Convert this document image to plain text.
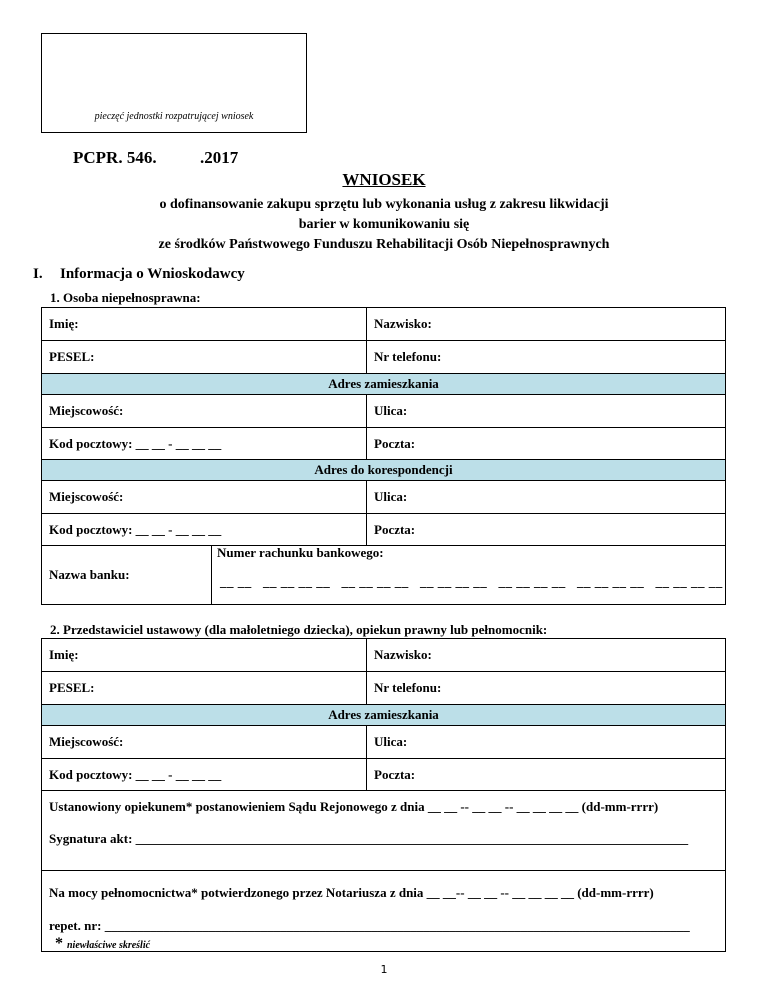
pieczęć jednostki rozpatrującej wniosek
PCPR. 546.	.2017
WNIOSEK
o dofinansowanie zakupu sprzętu lub wykonania usług z zakresu likwidacji
barier w komunikowaniu się
ze środków Państwowego Funduszu Rehabilitacji Osób Niepełnosprawnych
I. Informacja o Wnioskodawcy
1. Osoba niepełnosprawna:
Imię:	Nazwisko:
PESEL:	Nr telefonu:
Adres zamieszkania
Miejscowość:	Ulica:
Kod pocztowy: __ __ - __ __ __	Poczta:
Adres do korespondencji
Miejscowość:	Ulica:
Kod pocztowy: __ __ - __ __ __	Poczta:
Nazwa banku:
Numer rachunku bankowego:
__ __   __ __ __ __   __ __ __ __   __ __ __ __   __ __ __ __   __ __ __ __   __ __ __ __
2. Przedstawiciel ustawowy (dla małoletniego dziecka), opiekun prawny lub pełnomocnik:
Imię:	Nazwisko:
PESEL:	Nr telefonu:
Adres zamieszkania
Miejscowość:	Ulica:
Kod pocztowy: __ __ - __ __ __	Poczta:
Ustanowiony opiekunem* postanowieniem Sądu Rejonowego z dnia __ __ -- __ __ -- __ __ __ __ (dd-mm-rrrr)
Sygnatura akt: _____________________________________________________________________________________
Na mocy pełnomocnictwa* potwierdzonego przez Notariusza z dnia __ __-- __ __ -- __ __ __ __ (dd-mm-rrrr)
repet. nr: __________________________________________________________________________________________
* niewłaściwe skreślić
1
